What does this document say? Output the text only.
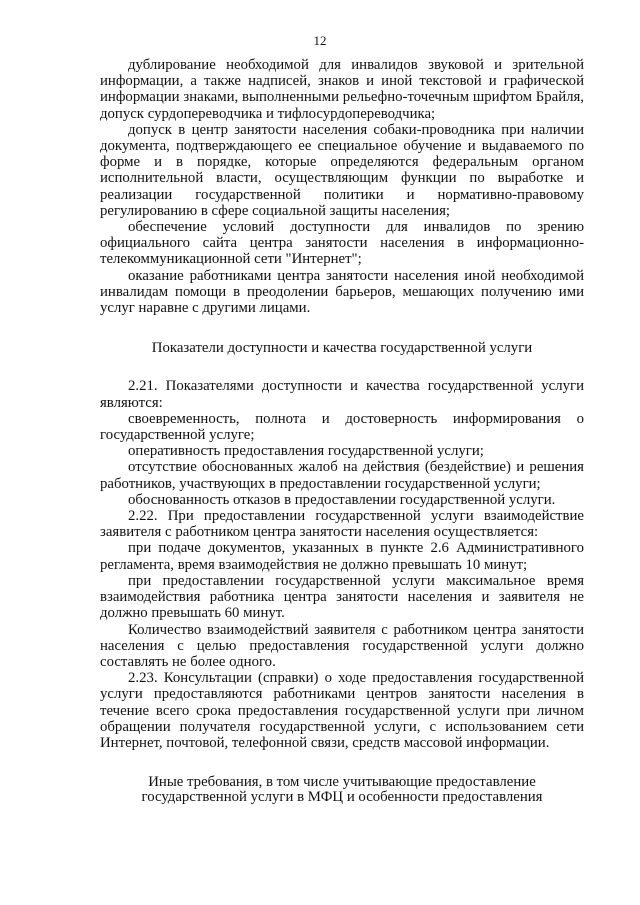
12

дублирование необходимой для инвалидов звуковой и зрительной информации, а также надписей, знаков и иной текстовой и графической информации знаками, выполненными рельефно-точечным шрифтом Брайля, допуск сурдопереводчика и тифлосурдопереводчика;

допуск в центр занятости населения собаки-проводника при наличии документа, подтверждающего ее специальное обучение и выдаваемого по форме и в порядке, которые определяются федеральным органом исполнительной власти, осуществляющим функции по выработке и реализации государственной политики и нормативно-правовому регулированию в сфере социальной защиты населения;

обеспечение условий доступности для инвалидов по зрению официального сайта центра занятости населения в информационно-телекоммуникационной сети "Интернет";

оказание работниками центра занятости населения иной необходимой инвалидам помощи в преодолении барьеров, мешающих получению ими услуг наравне с другими лицами.

Показатели доступности и качества государственной услуги

2.21. Показателями доступности и качества государственной услуги являются:

своевременность, полнота и достоверность информирования о государственной услуге;

оперативность предоставления государственной услуги;

отсутствие обоснованных жалоб на действия (бездействие) и решения работников, участвующих в предоставлении государственной услуги;

обоснованность отказов в предоставлении государственной услуги.

2.22. При предоставлении государственной услуги взаимодействие заявителя с работником центра занятости населения осуществляется:

при подаче документов, указанных в пункте 2.6 Административного регламента, время взаимодействия не должно превышать 10 минут;

при предоставлении государственной услуги максимальное время взаимодействия работника центра занятости населения и заявителя не должно превышать 60 минут.

Количество взаимодействий заявителя с работником центра занятости населения с целью предоставления государственной услуги должно составлять не более одного.

2.23. Консультации (справки) о ходе предоставления государственной услуги предоставляются работниками центров занятости населения в течение всего срока предоставления государственной услуги при личном обращении получателя государственной услуги, с использованием сети Интернет, почтовой, телефонной связи, средств массовой информации.

Иные требования, в том числе учитывающие предоставление
государственной услуги в МФЦ и особенности предоставления
